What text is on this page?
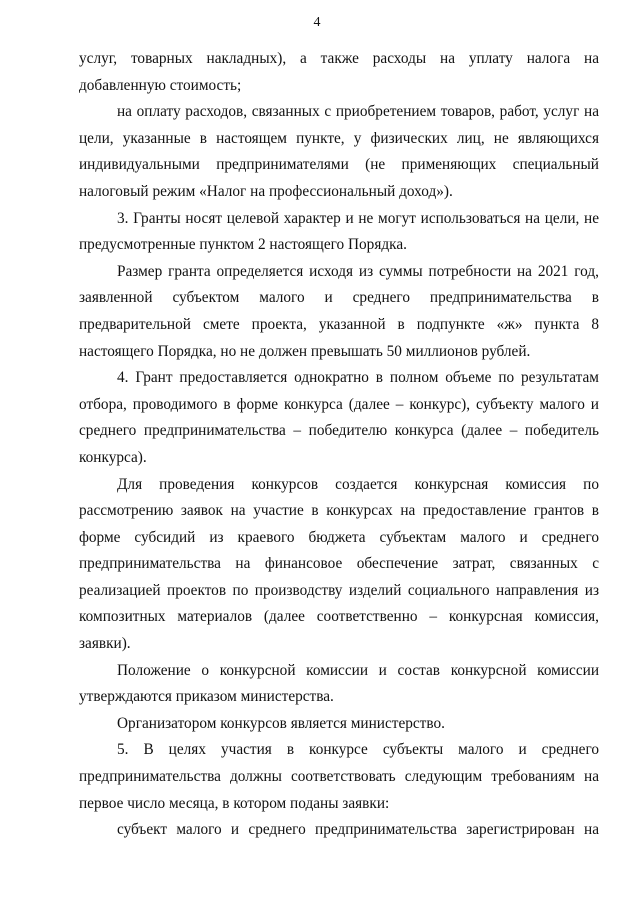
4

услуг, товарных накладных), а также расходы на уплату налога на добавленную стоимость;

на оплату расходов, связанных с приобретением товаров, работ, услуг на цели, указанные в настоящем пункте, у физических лиц, не являющихся индивидуальными предпринимателями (не применяющих специальный налоговый режим «Налог на профессиональный доход»).

3. Гранты носят целевой характер и не могут использоваться на цели, не предусмотренные пунктом 2 настоящего Порядка.

Размер гранта определяется исходя из суммы потребности на 2021 год, заявленной субъектом малого и среднего предпринимательства в предварительной смете проекта, указанной в подпункте «ж» пункта 8 настоящего Порядка, но не должен превышать 50 миллионов рублей.

4. Грант предоставляется однократно в полном объеме по результатам отбора, проводимого в форме конкурса (далее – конкурс), субъекту малого и среднего предпринимательства – победителю конкурса (далее – победитель конкурса).

Для проведения конкурсов создается конкурсная комиссия по рассмотрению заявок на участие в конкурсах на предоставление грантов в форме субсидий из краевого бюджета субъектам малого и среднего предпринимательства на финансовое обеспечение затрат, связанных с реализацией проектов по производству изделий социального направления из композитных материалов (далее соответственно – конкурсная комиссия, заявки).

Положение о конкурсной комиссии и состав конкурсной комиссии утверждаются приказом министерства.

Организатором конкурсов является министерство.

5. В целях участия в конкурсе субъекты малого и среднего предпринимательства должны соответствовать следующим требованиям на первое число месяца, в котором поданы заявки:

субъект малого и среднего предпринимательства зарегистрирован на
